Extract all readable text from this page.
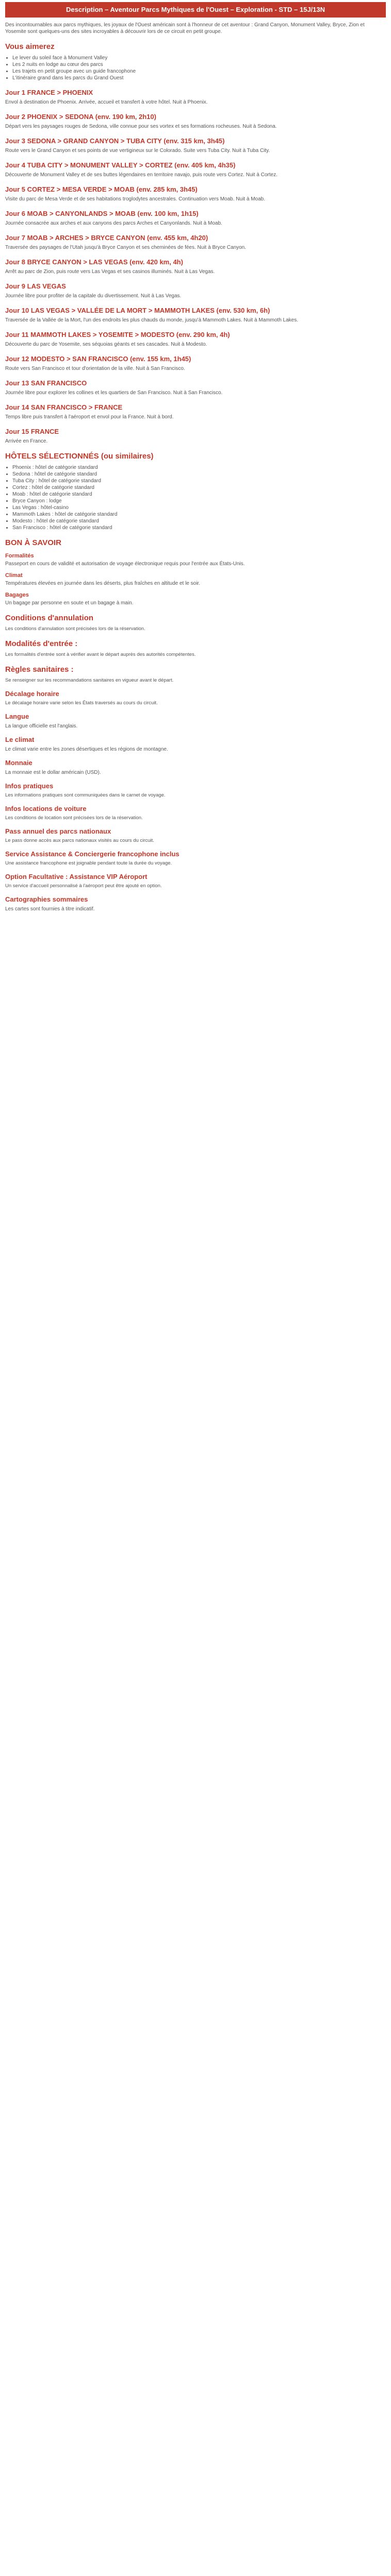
Description – Aventour Parcs Mythiques de l'Ouest – Exploration - STD – 15J/13N

Des incontournables aux parcs mythiques, les joyaux de l'Ouest américain sont à l'honneur de cet aventour : Grand Canyon, Monument Valley, Bryce, Zion et Yosemite sont quelques-uns des sites incroyables à découvrir lors de ce circuit en petit groupe.

Vous aimerez
• Le lever du soleil face à Monument Valley
• Les 2 nuits en lodge au cœur des parcs
• Les trajets en petit groupe avec un guide francophone
• L'itinéraire grand dans les parcs du Grand Ouest
Jour 1 FRANCE > PHOENIX

Envol à destination de Phoenix. Arrivée, accueil et transfert à votre hôtel. Nuit à Phoenix.

Jour 2 PHOENIX > SEDONA (env. 190 km, 2h10)

Départ vers les paysages rouges de Sedona, ville connue pour ses vortex et ses formations rocheuses. Nuit à Sedona.

Jour 3 SEDONA > GRAND CANYON > TUBA CITY (env. 315 km, 3h45)

Route vers le Grand Canyon et ses points de vue vertigineux sur le Colorado. Suite vers Tuba City. Nuit à Tuba City.

Jour 4 TUBA CITY > MONUMENT VALLEY > CORTEZ (env. 405 km, 4h35)

Découverte de Monument Valley et de ses buttes légendaires en territoire navajo, puis route vers Cortez. Nuit à Cortez.

Jour 5 CORTEZ > MESA VERDE > MOAB (env. 285 km, 3h45)

Visite du parc de Mesa Verde et de ses habitations troglodytes ancestrales. Continuation vers Moab. Nuit à Moab.

Jour 6 MOAB > CANYONLANDS > MOAB (env. 100 km, 1h15)

Journée consacrée aux arches et aux canyons des parcs Arches et Canyonlands. Nuit à Moab.

Jour 7 MOAB > ARCHES > BRYCE CANYON (env. 455 km, 4h20)

Traversée des paysages de l'Utah jusqu'à Bryce Canyon et ses cheminées de fées. Nuit à Bryce Canyon.

Jour 8 BRYCE CANYON > LAS VEGAS (env. 420 km, 4h)

Arrêt au parc de Zion, puis route vers Las Vegas et ses casinos illuminés. Nuit à Las Vegas.

Jour 9 LAS VEGAS

Journée libre pour profiter de la capitale du divertissement. Nuit à Las Vegas.

Jour 10 LAS VEGAS > VALLÉE DE LA MORT > MAMMOTH LAKES (env. 530 km, 6h)

Traversée de la Vallée de la Mort, l'un des endroits les plus chauds du monde, jusqu'à Mammoth Lakes. Nuit à Mammoth Lakes.

Jour 11 MAMMOTH LAKES > YOSEMITE > MODESTO (env. 290 km, 4h)

Découverte du parc de Yosemite, ses séquoias géants et ses cascades. Nuit à Modesto.

Jour 12 MODESTO > SAN FRANCISCO (env. 155 km, 1h45)

Route vers San Francisco et tour d'orientation de la ville. Nuit à San Francisco.

Jour 13 SAN FRANCISCO

Journée libre pour explorer les collines et les quartiers de San Francisco. Nuit à San Francisco.

Jour 14 SAN FRANCISCO > FRANCE

Temps libre puis transfert à l'aéroport et envol pour la France. Nuit à bord.

Jour 15 FRANCE

Arrivée en France.

HÔTELS SÉLECTIONNÉS (ou similaires)
• Phoenix : hôtel de catégorie standard
• Sedona : hôtel de catégorie standard
• Tuba City : hôtel de catégorie standard
• Cortez : hôtel de catégorie standard
• Moab : hôtel de catégorie standard
• Bryce Canyon : lodge
• Las Vegas : hôtel-casino
• Mammoth Lakes : hôtel de catégorie standard
• Modesto : hôtel de catégorie standard
• San Francisco : hôtel de catégorie standard
BON À SAVOIR
Formalités

Passeport en cours de validité et autorisation de voyage électronique requis pour l'entrée aux États-Unis.

Climat

Températures élevées en journée dans les déserts, plus fraîches en altitude et le soir.

Bagages

Un bagage par personne en soute et un bagage à main.

Conditions d'annulation

Les conditions d'annulation sont précisées lors de la réservation.

Modalités d'entrée :

Les formalités d'entrée sont à vérifier avant le départ auprès des autorités compétentes.

Règles sanitaires :

Se renseigner sur les recommandations sanitaires en vigueur avant le départ.

Décalage horaire

Le décalage horaire varie selon les États traversés au cours du circuit.

Langue

La langue officielle est l'anglais.

Le climat

Le climat varie entre les zones désertiques et les régions de montagne.

Monnaie

La monnaie est le dollar américain (USD).

Infos pratiques

Les informations pratiques sont communiquées dans le carnet de voyage.

Infos locations de voiture

Les conditions de location sont précisées lors de la réservation.

Pass annuel des parcs nationaux

Le pass donne accès aux parcs nationaux visités au cours du circuit.

Service Assistance & Conciergerie francophone inclus

Une assistance francophone est joignable pendant toute la durée du voyage.

Option Facultative : Assistance VIP Aéroport

Un service d'accueil personnalisé à l'aéroport peut être ajouté en option.

Cartographies sommaires

Les cartes sont fournies à titre indicatif.
